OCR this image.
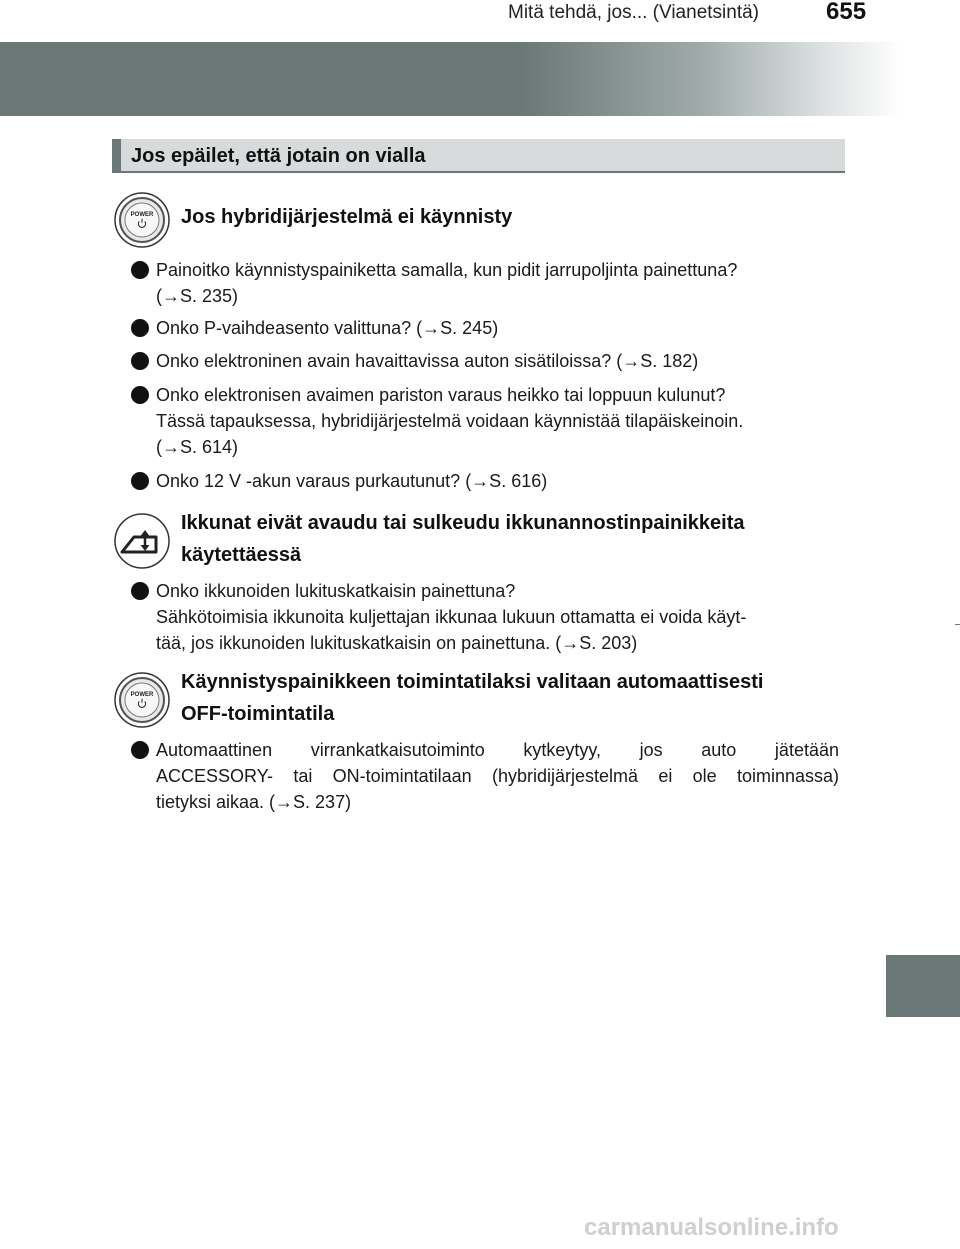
Mitä tehdä, jos... (Vianetsintä)	655
Jos epäilet, että jotain on vialla
POWER Jos hybridijärjestelmä ei käynnisty
Painoitko käynnistyspainiketta samalla, kun pidit jarrupoljinta painettuna?
(→S. 235)
Onko P-vaihdeasento valittuna? (→S. 245)
Onko elektroninen avain havaittavissa auton sisätiloissa? (→S. 182)
Onko elektronisen avaimen pariston varaus heikko tai loppuun kulunut?
Tässä tapauksessa, hybridijärjestelmä voidaan käynnistää tilapäiskeinoin.
(→S. 614)
Onko 12 V -akun varaus purkautunut? (→S. 616)
Ikkunat eivät avaudu tai sulkeudu ikkunannostinpainikkeita
käytettäessä
Onko ikkunoiden lukituskatkaisin painettuna?
Sähkötoimisia ikkunoita kuljettajan ikkunaa lukuun ottamatta ei voida käyt-
tää, jos ikkunoiden lukituskatkaisin on painettuna. (→S. 203)
POWER
Käynnistyspainikkeen toimintatilaksi valitaan automaattisesti
OFF-toimintatila
Automaattinen virrankatkaisutoiminto kytkeytyy, jos auto jätetään
ACCESSORY- tai ON-toimintatilaan (hybridijärjestelmä ei ole toiminnassa)
tietyksi aikaa. (→S. 237)
carmanualsonline.info
